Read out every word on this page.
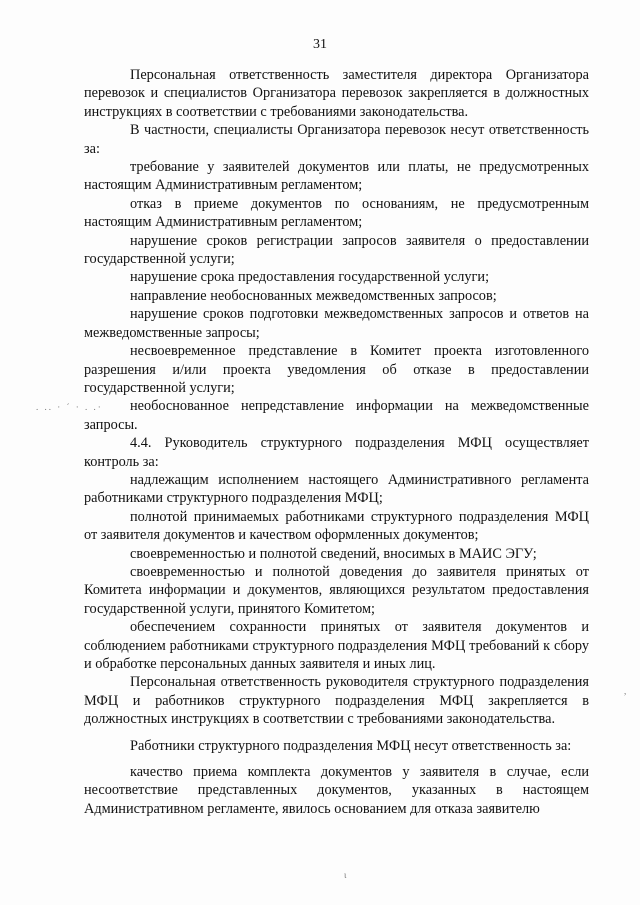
31

Персональная ответственность заместителя директора Организатора перевозок и специалистов Организатора перевозок закрепляется в должностных инструкциях в соответствии с требованиями законодательства.

В частности, специалисты Организатора перевозок несут ответственность за:

требование у заявителей документов или платы, не предусмотренных настоящим Административным регламентом;

отказ в приеме документов по основаниям, не предусмотренным настоящим Административным регламентом;

нарушение сроков регистрации запросов заявителя о предоставлении государственной услуги;

нарушение срока предоставления государственной услуги;

направление необоснованных межведомственных запросов;

нарушение сроков подготовки межведомственных запросов и ответов на межведомственные запросы;

несвоевременное представление в Комитет проекта изготовленного разрешения и/или проекта уведомления об отказе в предоставлении государственной услуги;

необоснованное непредставление информации на межведомственные запросы.

4.4. Руководитель структурного подразделения МФЦ осуществляет контроль за:

надлежащим исполнением настоящего Административного регламента работниками структурного подразделения МФЦ;

полнотой принимаемых работниками структурного подразделения МФЦ от заявителя документов и качеством оформленных документов;

своевременностью и полнотой сведений, вносимых в МАИС ЭГУ;

своевременностью и полнотой доведения до заявителя принятых от Комитета информации и документов, являющихся результатом предоставления государственной услуги, принятого Комитетом;

обеспечением сохранности принятых от заявителя документов и соблюдением работниками структурного подразделения МФЦ требований к сбору и обработке персональных данных заявителя и иных лиц.

Персональная ответственность руководителя структурного подразделения МФЦ и работников структурного подразделения МФЦ закрепляется в должностных инструкциях в соответствии с требованиями законодательства.

Работники структурного подразделения МФЦ несут ответственность за:

качество приема комплекта документов у заявителя в случае, если несоответствие представленных документов, указанных в настоящем Административном регламенте, явилось основанием для отказа заявителю

. .. · ´ · . .·
,
ι
